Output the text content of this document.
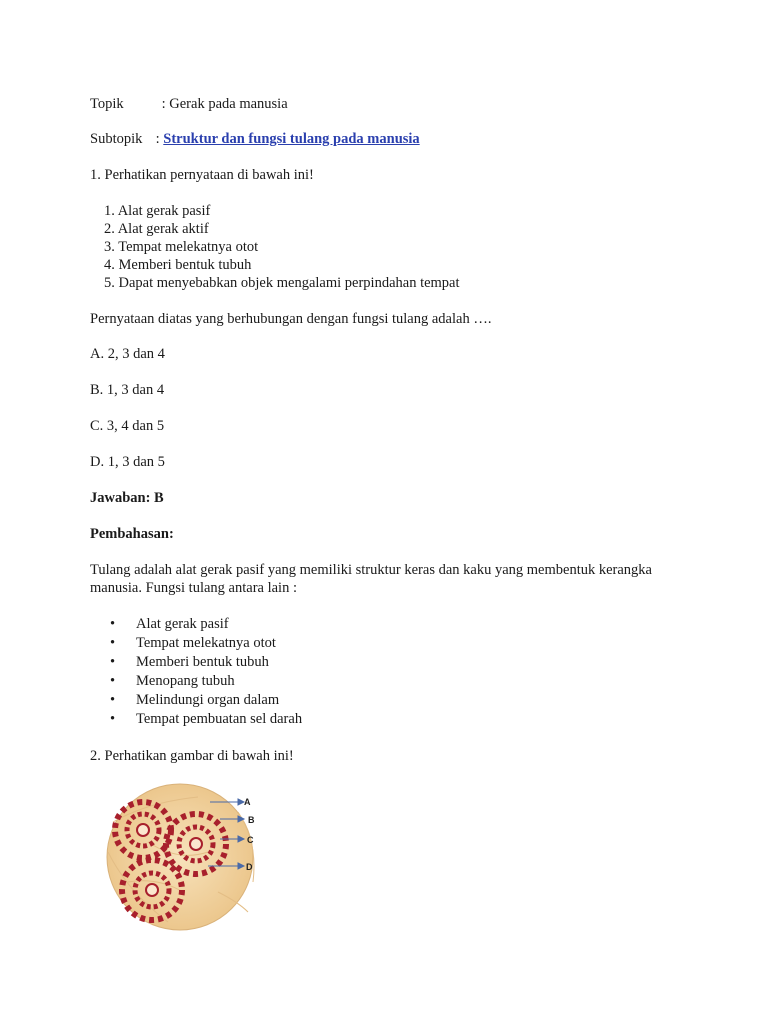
Topik	: Gerak pada manusia
Subtopik : Struktur dan fungsi tulang pada manusia
1. Perhatikan pernyataan di bawah ini!
1. Alat gerak pasif
2. Alat gerak aktif
3. Tempat melekatnya otot
4. Memberi bentuk tubuh
5. Dapat menyebabkan objek mengalami perpindahan tempat
Pernyataan diatas yang berhubungan dengan fungsi tulang adalah ….
A. 2, 3 dan 4
B. 1, 3 dan 4
C. 3, 4 dan 5
D. 1, 3 dan 5
Jawaban: B
Pembahasan:
Tulang adalah alat gerak pasif yang memiliki struktur keras dan kaku yang membentuk kerangka manusia. Fungsi tulang antara lain :
• Alat gerak pasif
• Tempat melekatnya otot
• Memberi bentuk tubuh
• Menopang tubuh
• Melindungi organ dalam
• Tempat pembuatan sel darah
2. Perhatikan gambar di bawah ini!
A
B
C
D
